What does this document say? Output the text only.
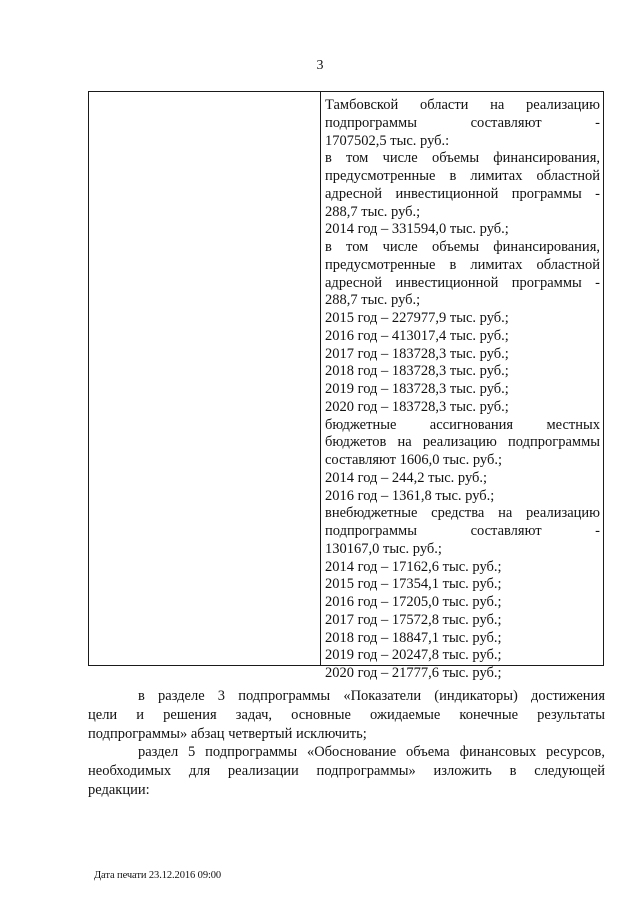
3
Тамбовской области на реализацию
подпрограммы составляют -
1707502,5 тыс. руб.:
в том числе объемы финансирования,
предусмотренные в лимитах областной
адресной инвестиционной программы -
288,7 тыс. руб.;
2014 год – 331594,0 тыс. руб.;
в том числе объемы финансирования,
предусмотренные в лимитах областной
адресной инвестиционной программы -
288,7 тыс. руб.;
2015 год – 227977,9 тыс. руб.;
2016 год – 413017,4 тыс. руб.;
2017 год – 183728,3 тыс. руб.;
2018 год – 183728,3 тыс. руб.;
2019 год – 183728,3 тыс. руб.;
2020 год – 183728,3 тыс. руб.;
бюджетные ассигнования местных
бюджетов на реализацию подпрограммы
составляют 1606,0 тыс. руб.;
2014 год – 244,2 тыс. руб.;
2016 год – 1361,8 тыс. руб.;
внебюджетные средства на реализацию
подпрограммы составляют -
130167,0 тыс. руб.;
2014 год – 17162,6 тыс. руб.;
2015 год – 17354,1 тыс. руб.;
2016 год – 17205,0 тыс. руб.;
2017 год – 17572,8 тыс. руб.;
2018 год – 18847,1 тыс. руб.;
2019 год – 20247,8 тыс. руб.;
2020 год – 21777,6 тыс. руб.;
в разделе 3 подпрограммы «Показатели (индикаторы) достижения
цели и решения задач, основные ожидаемые конечные результаты
подпрограммы» абзац четвертый исключить;
раздел 5 подпрограммы «Обоснование объема финансовых ресурсов,
необходимых для реализации подпрограммы» изложить в следующей
редакции:
Дата печати 23.12.2016 09:00
